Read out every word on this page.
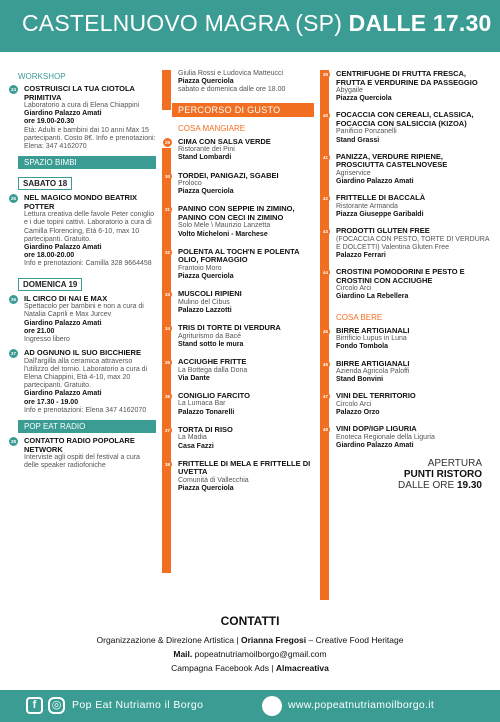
CASTELNUOVO MAGRA (SP) DALLE 17.30
WORKSHOP
24 COSTRUISCI LA TUA CIOTOLA PRIMITIVA
Laboratorio a cura di Elena Chiappini
Giardino Palazzo Amati
ore 19.00-20.30
Età: Adulti e bambini dai 10 anni Max 15 partecipanti. Costo 8€. Info e prenotazioni: Elena: 347 4162070
SPAZIO BIMBI
SABATO 18
25 NEL MAGICO MONDO BEATRIX POTTER
Lettura creativa delle favole Peter coniglio e i due topini cattivi. Laboratorio a cura di Camilla Florencing, Età 6-10, max 10 partecipanti. Gratuito.
Giardino Palazzo Amati
ore 18.00-20.00
Info e prenotazioni: Camilla 328 9664458
DOMENICA 19
26 IL CIRCO DI NAI E MAX
Spettacolo per bambini e non a cura di Natalia Caprili e Max Jurcev
Giardino Palazzo Amati
ore 21.00
Ingresso libero
27 AD OGNUNO IL SUO BICCHIERE
Dall'argilla alla ceramica attraverso l'utilizzo del tornio. Laboratorio a cura di Elena Chiappini, Età 4-10, max 20 partecipanti. Gratuito.
Giardino Palazzo Amati
ore 17.30 - 19.00
Info e prenotazioni: Elena 347 4162070
POP EAT RADIO
28 CONTATTO RADIO POPOLARE NETWORK
Interviste agli ospiti del festival a cura delle speaker radiofoniche
Giulia Rossi e Ludovica Matteucci
Piazza Querciola
sabato e domenica dalle ore 18.00
PERCORSO DI GUSTO
COSA MANGIARE
29 CIMA CON SALSA VERDE
Ristorante dei Pini
Stand Lombardi
30 TORDEI, PANIGAZI, SGABEI
Proloco
Piazza Querciola
31 PANINO CON SEPPIE IN ZIMINO, PANINO CON CECI IN ZIMINO
Solo Mele \ Maurizio Lanzetta
Volto Micheloni - Marchese
32 POLENTA AL TOCH'N E POLENTA OLIO, FORMAGGIO
Frantoio Moro
Piazza Querciola
33 MUSCOLI RIPIENI
Mulino del Cibus
Palazzo Lazzotti
34 TRIS DI TORTE DI VERDURA
Agriturismo da Bacé
Stand sotto le mura
35 ACCIUGHE FRITTE
La Bottega dalla Dona
Via Dante
36 CONIGLIO FARCITO
La Lumaca Bar
Palazzo Tonarelli
37 TORTA DI RISO
La Madia
Casa Fazzi
38 FRITTELLE DI MELA E FRITTELLE DI UVETTA
Comunità di Vallecchia
Piazza Querciola
39 CENTRIFUGHE DI FRUTTA FRESCA, FRUTTA E VERDURINE DA PASSEGGIO
Abygaile
Piazza Querciola
40 FOCACCIA CON CEREALI, CLASSICA, FOCACCIA CON SALSICCIA (KIZOA)
Panificio Ponzanelli
Stand Grassi
41 PANIZZA, VERDURE RIPIENE, PROSCIUTTA CASTELNOVESE
Agriservice
Giardino Palazzo Amati
42 FRITTELLE DI BACCALÀ
Ristorante Armanda
Piazza Giuseppe Garibaldi
43 PRODOTTI GLUTEN FREE
(FOCACCIA CON PESTO, TORTE DI VERDURA E DOLCETTI) Valentina Gluten Free
Palazzo Ferrari
44 CROSTINI POMODORINI E PESTO E CROSTINI CON ACCIUGHE
Circolo Arci
Giardino La Rebellera
COSA BERE
45 BIRRE ARTIGIANALI
Birrificio Lupus in Luna
Fondo Tombola
46 BIRRE ARTIGIANALI
Azienda Agricola Paloffi
Stand Bonvini
47 VINI DEL TERRITORIO
Circolo Arci
Palazzo Orzo
48 VINI DOP/IGP LIGURIA
Enoteca Regionale della Liguria
Giardino Palazzo Amati
APERTURA
PUNTI RISTORO
DALLE ORE 19.30
CONTATTI
Organizzazione & Direzione Artistica | Orianna Fregosi – Creative Food Heritage
Mail. popeatnutriamoilborgo@gmail.com
Campagna Facebook Ads | Almacreativa
f	◎	Pop Eat Nutriamo il Borgo	www.popeatnutriamoilborgo.it
